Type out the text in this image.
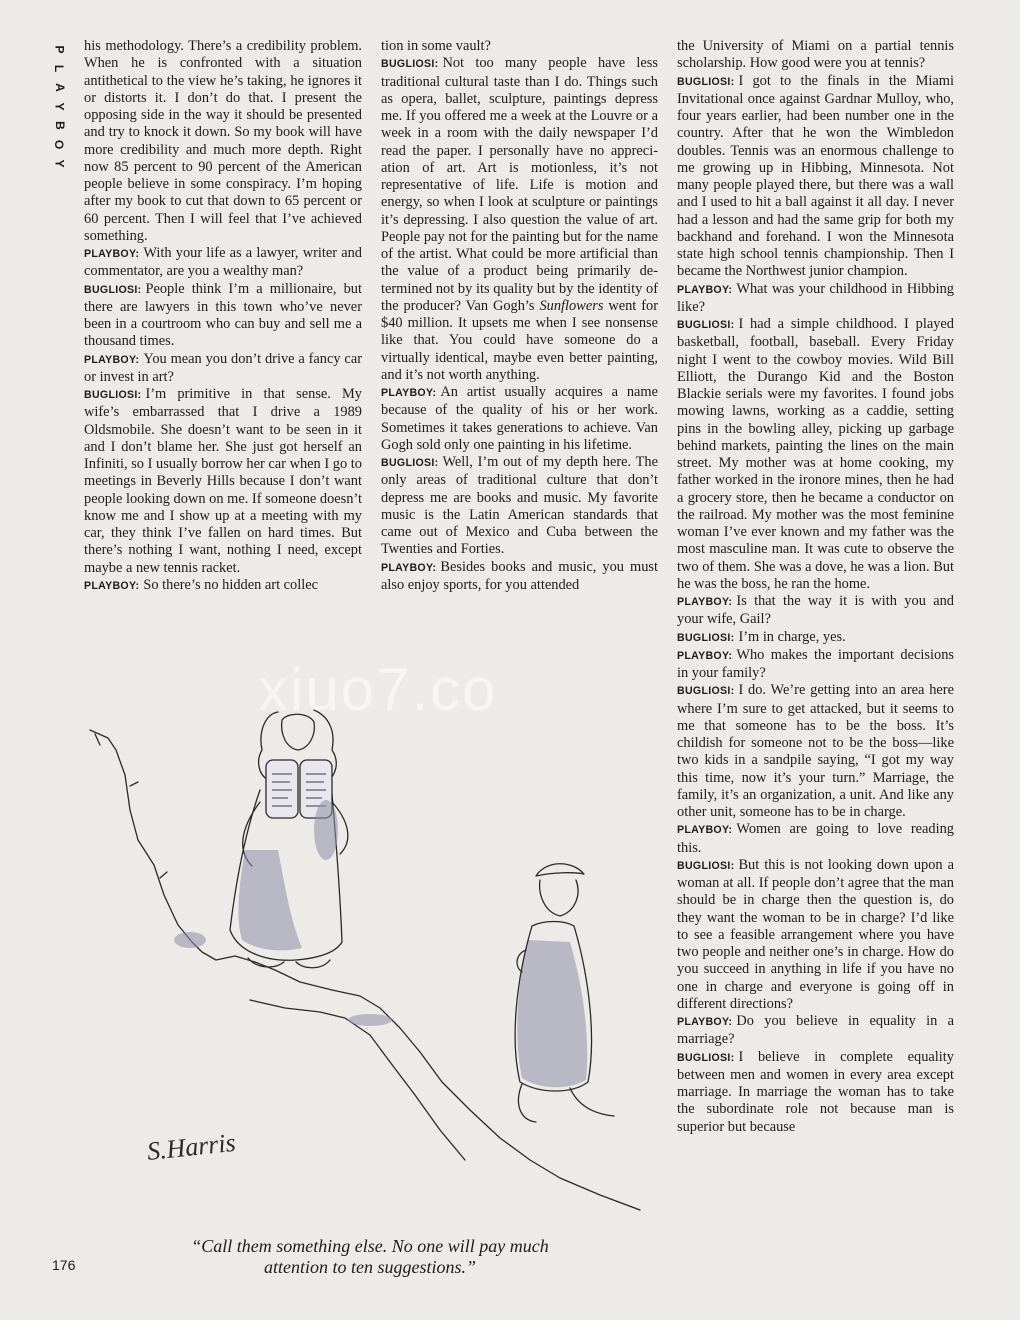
P
L
A
Y
B
O
Y

his methodology. There’s a credibility problem. When he is confronted with a situation antithetical to the view he’s taking, he ignores it or distorts it. I don’t do that. I present the opposing side in the way it should be presented and try to knock it down. So my book will have more credibility and much more depth. Right now 85 percent to 90 percent of the American people believe in some conspiracy. I’m hoping after my book to cut that down to 65 percent or 60 percent. Then I will feel that I’ve achieved something.

PLAYBOY: With your life as a lawyer, writer and commentator, are you a wealthy man?

BUGLIOSI: People think I’m a millionaire, but there are lawyers in this town who’ve never been in a courtroom who can buy and sell me a thousand times.

PLAYBOY: You mean you don’t drive a fancy car or invest in art?

BUGLIOSI: I’m primitive in that sense. My wife’s embarrassed that I drive a 1989 Oldsmobile. She doesn’t want to be seen in it and I don’t blame her. She just got herself an Infiniti, so I usually borrow her car when I go to meetings in Beverly Hills because I don’t want people looking down on me. If someone doesn’t know me and I show up at a meeting with my car, they think I’ve fallen on hard times. But there’s nothing I want, nothing I need, except maybe a new tennis racket.

PLAYBOY: So there’s no hidden art collec

tion in some vault?

BUGLIOSI: Not too many people have less traditional cultural taste than I do. Things such as opera, ballet, sculpture, paintings depress me. If you offered me a week at the Louvre or a week in a room with the daily newspaper I’d read the paper. I personally have no appreciation of art. Art is motionless, it’s not representative of life. Life is motion and energy, so when I look at sculpture or paintings it’s depressing. I also question the value of art. People pay not for the painting but for the name of the artist. What could be more artificial than the value of a product being primarily determined not by its quality but by the identity of the producer? Van Gogh’s Sunflowers went for $40 million. It upsets me when I see nonsense like that. You could have someone do a virtually identical, maybe even better painting, and it’s not worth anything.

PLAYBOY: An artist usually acquires a name because of the quality of his or her work. Sometimes it takes generations to achieve. Van Gogh sold only one painting in his lifetime.

BUGLIOSI: Well, I’m out of my depth here. The only areas of traditional culture that don’t depress me are books and music. My favorite music is the Latin American standards that came out of Mexico and Cuba between the Twenties and Forties.

PLAYBOY: Besides books and music, you must also enjoy sports, for you attended

the University of Miami on a partial tennis scholarship. How good were you at tennis?

BUGLIOSI: I got to the finals in the Miami Invitational once against Gardnar Mulloy, who, four years earlier, had been number one in the country. After that he won the Wimbledon doubles. Tennis was an enormous challenge to me growing up in Hibbing, Minnesota. Not many people played there, but there was a wall and I used to hit a ball against it all day. I never had a lesson and had the same grip for both my backhand and forehand. I won the Minnesota state high school tennis championship. Then I became the Northwest junior champion.

PLAYBOY: What was your childhood in Hibbing like?

BUGLIOSI: I had a simple childhood. I played basketball, football, baseball. Every Friday night I went to the cowboy movies. Wild Bill Elliott, the Durango Kid and the Boston Blackie serials were my favorites. I found jobs mowing lawns, working as a caddie, setting pins in the bowling alley, picking up garbage behind markets, painting the lines on the main street. My mother was at home cooking, my father worked in the ironore mines, then he had a grocery store, then he became a conductor on the railroad. My mother was the most feminine woman I’ve ever known and my father was the most masculine man. It was cute to observe the two of them. She was a dove, he was a lion. But he was the boss, he ran the home.

PLAYBOY: Is that the way it is with you and your wife, Gail?

BUGLIOSI: I’m in charge, yes.

PLAYBOY: Who makes the important decisions in your family?

BUGLIOSI: I do. We’re getting into an area here where I’m sure to get attacked, but it seems to me that someone has to be the boss. It’s childish for someone not to be the boss—like two kids in a sandpile saying, “I got my way this time, now it’s your turn.” Marriage, the family, it’s an organization, a unit. And like any other unit, someone has to be in charge.

PLAYBOY: Women are going to love reading this.

BUGLIOSI: But this is not looking down upon a woman at all. If people don’t agree that the man should be in charge then the question is, do they want the woman to be in charge? I’d like to see a feasible arrangement where you have two people and neither one’s in charge. How do you succeed in anything in life if you have no one in charge and everyone is going off in different directions?

PLAYBOY: Do you believe in equality in a marriage?

BUGLIOSI: I believe in complete equality between men and women in every area except marriage. In marriage the woman has to take the subordinate role not because man is superior but because

S.Harris
“Call them something else. No one will pay much
attention to ten suggestions.”
176
xiuo7.co
